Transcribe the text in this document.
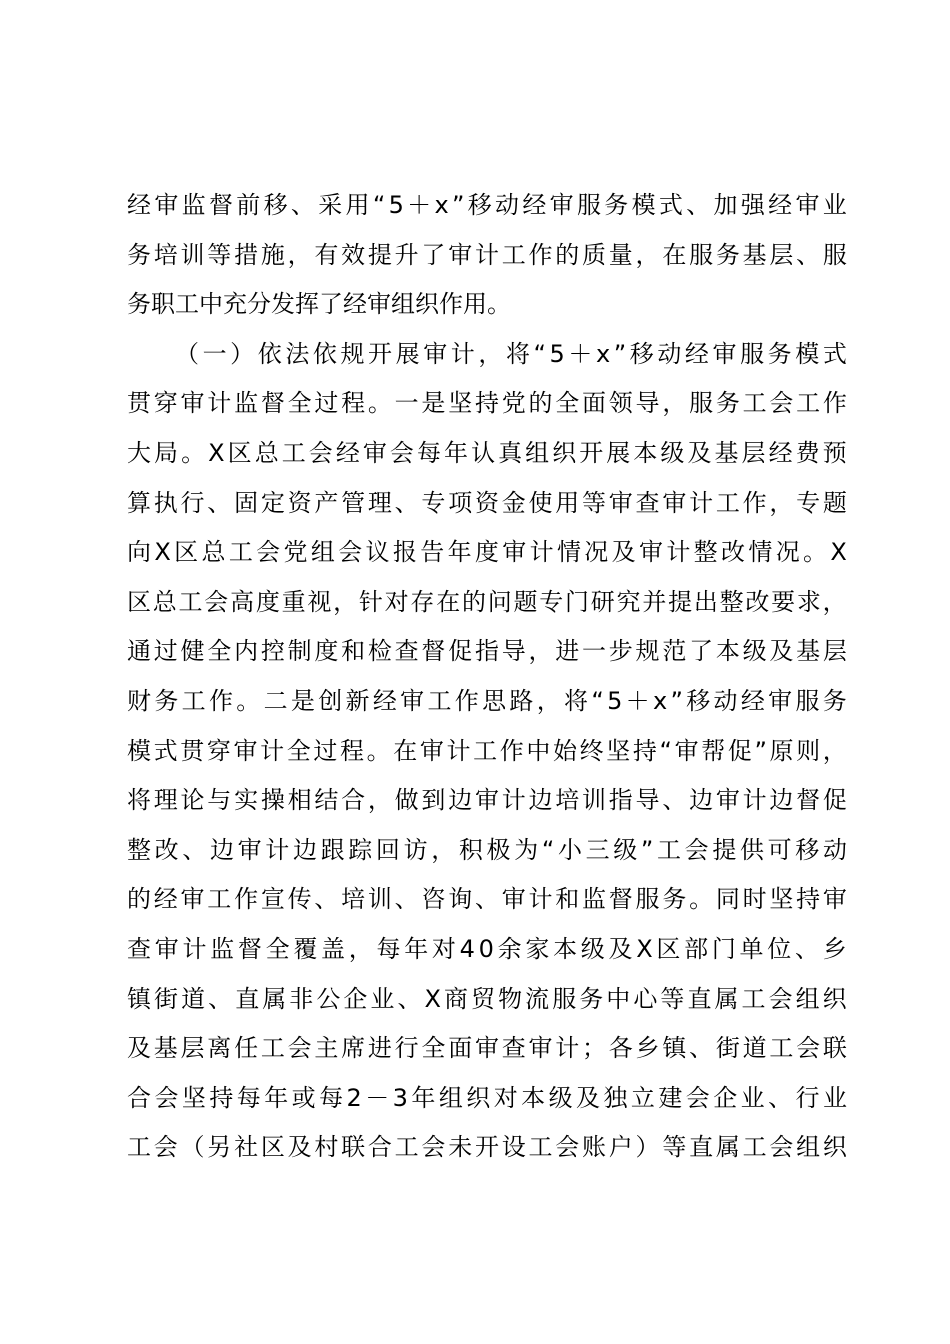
经 审 监 督 前 移 、 采 用 “ 5 ＋ x ” 移 动 经 审 服 务 模 式 、 加 强 经 审 业
务 培 训 等 措 施 ， 有 效 提 升 了 审 计 工 作 的 质 量 ， 在 服 务 基 层 、 服
务职工中充分发挥了经审组织作用。
（ 一 ） 依 法 依 规 开 展 审 计 ， 将 “ 5 ＋ x ” 移 动 经 审 服 务 模 式
贯 穿 审 计 监 督 全 过 程 。 一 是 坚 持 党 的 全 面 领 导 ， 服 务 工 会 工 作
大 局 。 X 区 总 工 会 经 审 会 每 年 认 真 组 织 开 展 本 级 及 基 层 经 费 预
算 执 行 、 固 定 资 产 管 理 、 专 项 资 金 使 用 等 审 查 审 计 工 作 ， 专 题
向 X 区 总 工 会 党 组 会 议 报 告 年 度 审 计 情 况 及 审 计 整 改 情 况 。 X
区 总 工 会 高 度 重 视 ， 针 对 存 在 的 问 题 专 门 研 究 并 提 出 整 改 要 求 ，
通 过 健 全 内 控 制 度 和 检 查 督 促 指 导 ， 进 一 步 规 范 了 本 级 及 基 层
财 务 工 作 。 二 是 创 新 经 审 工 作 思 路 ， 将 “ 5 ＋ x ” 移 动 经 审 服 务
模 式 贯 穿 审 计 全 过 程 。 在 审 计 工 作 中 始 终 坚 持 “ 审 帮 促 ” 原 则 ，
将 理 论 与 实 操 相 结 合 ， 做 到 边 审 计 边 培 训 指 导 、 边 审 计 边 督 促
整 改 、 边 审 计 边 跟 踪 回 访 ， 积 极 为 “ 小 三 级 ” 工 会 提 供 可 移 动
的 经 审 工 作 宣 传 、 培 训 、 咨 询 、 审 计 和 监 督 服 务 。 同 时 坚 持 审
查 审 计 监 督 全 覆 盖 ， 每 年 对 4 0 余 家 本 级 及 X 区 部 门 单 位 、 乡
镇 街 道 、 直 属 非 公 企 业 、 X 商 贸 物 流 服 务 中 心 等 直 属 工 会 组 织
及 基 层 离 任 工 会 主 席 进 行 全 面 审 查 审 计 ； 各 乡 镇 、 街 道 工 会 联
合 会 坚 持 每 年 或 每 2 － 3 年 组 织 对 本 级 及 独 立 建 会 企 业 、 行 业
工 会 （ 另 社 区 及 村 联 合 工 会 未 开 设 工 会 账 户 ） 等 直 属 工 会 组 织
